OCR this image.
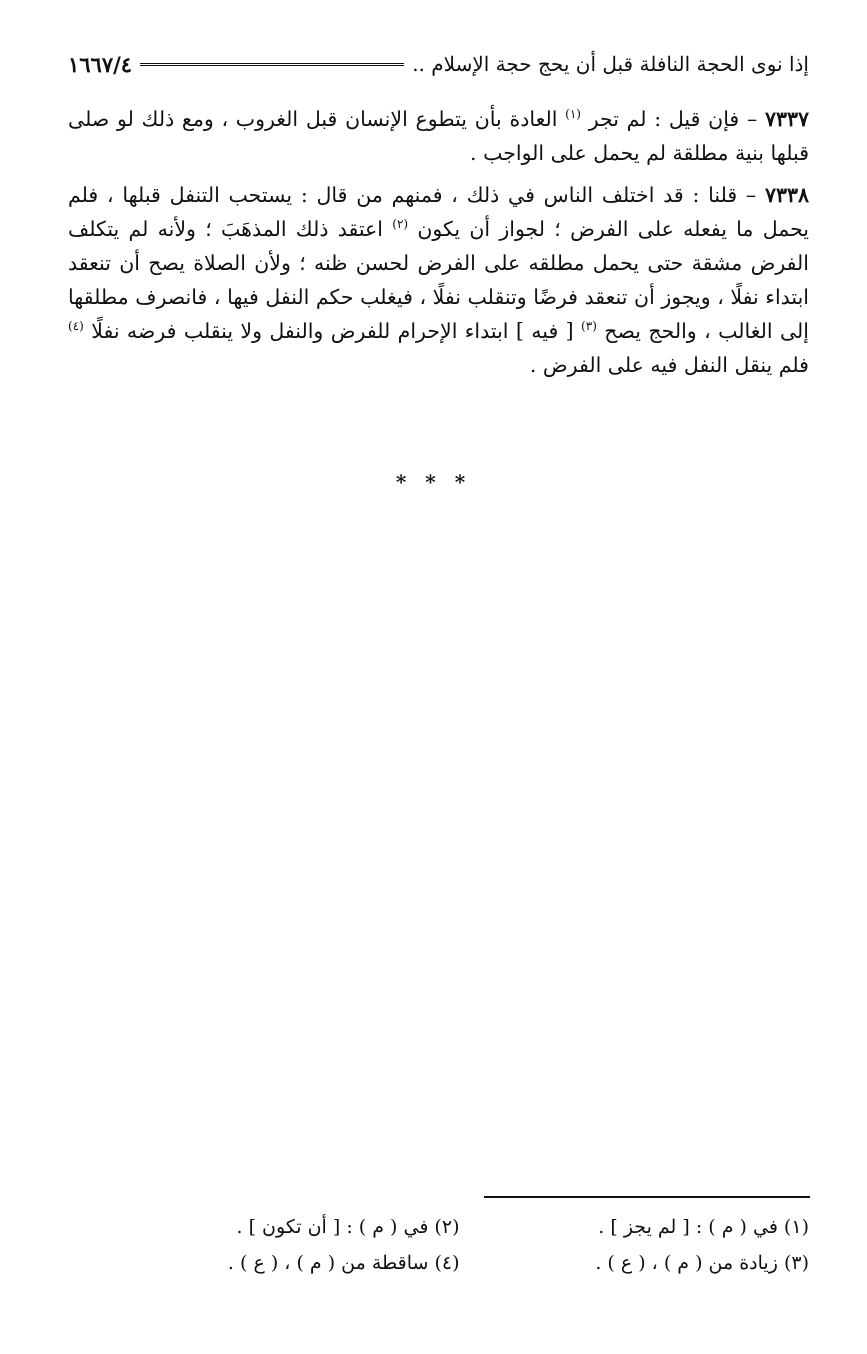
إذا نوى الحجة النافلة قبل أن يحج حجة الإسلام ..
١٦٦٧/٤

٧٣٣٧ – فإن قيل : لم تجر $^{(١)}$ العادة بأن يتطوع الإنسان قبل الغروب ، ومع ذلك لو صلى قبلها بنية مطلقة لم يحمل على الواجب .

٧٣٣٨ – قلنا : قد اختلف الناس في ذلك ، فمنهم من قال : يستحب التنفل قبلها ، فلم يحمل ما يفعله على الفرض ؛ لجواز أن يكون $^{(٢)}$ اعتقد ذلك المذهَبَ ؛ ولأنه لم يتكلف الفرض مشقة حتى يحمل مطلقه على الفرض لحسن ظنه ؛ ولأن الصلاة يصح أن تنعقد ابتداء نفلًا ، ويجوز أن تنعقد فرضًا وتنقلب نفلًا ، فيغلب حكم النفل فيها ، فانصرف مطلقها إلى الغالب ، والحج يصح $^{(٣)}$ [ فيه ] ابتداء الإحرام للفرض والنفل ولا ينقلب فرضه نفلًا $^{(٤)}$ فلم ينقل النفل فيه على الفرض .

* * *
(١) في ( م ) : [ لم يجز ] .
(٢) في ( م ) : [ أن تكون ] .
(٣) زيادة من ( م ) ، ( ع ) .
(٤) ساقطة من ( م ) ، ( ع ) .
